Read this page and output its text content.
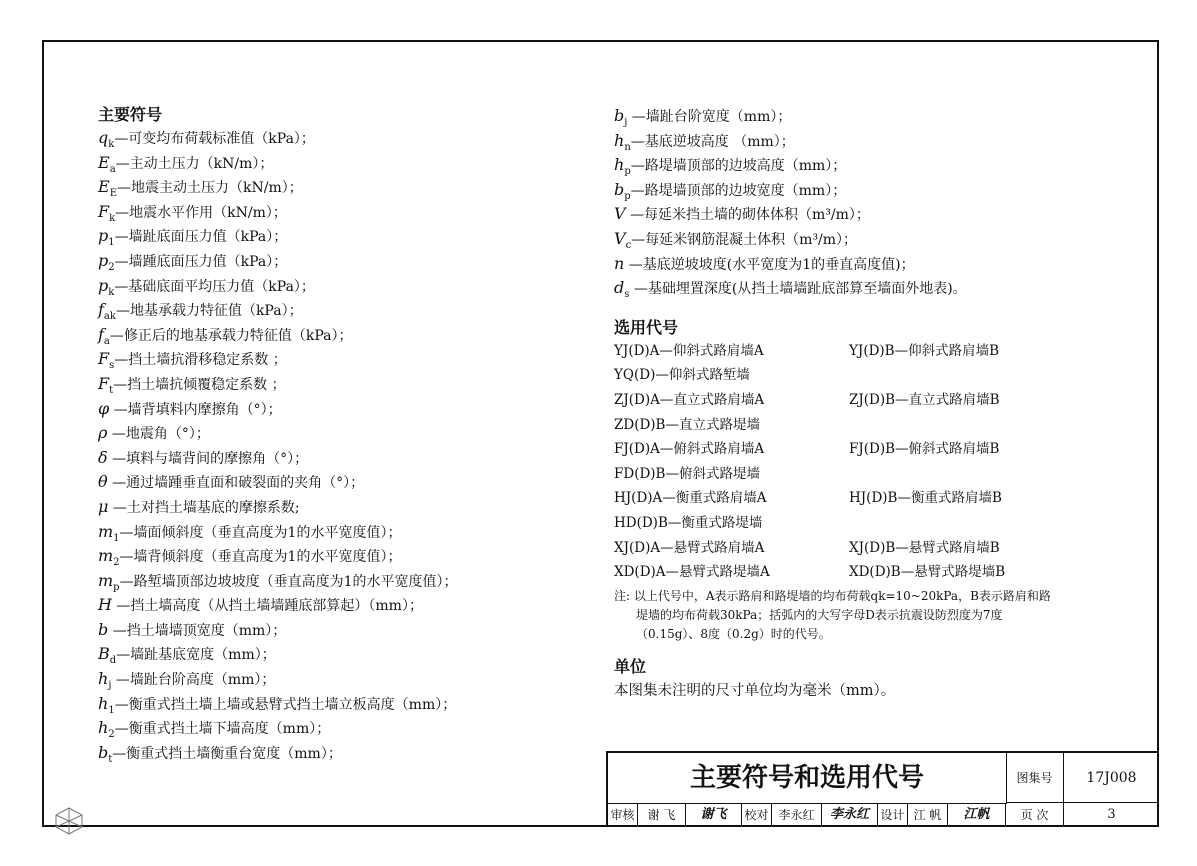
主要符号
$q_k—$可变均布荷载标准值（kPa）；
$E_a—$主动土压力（kN/m）；
$E_E—$地震主动土压力（kN/m）；
$F_k—$地震水平作用（kN/m）；
$p_1—$墙趾底面压力值（kPa）；
$p_2—$墙踵底面压力值（kPa）；
$p_k—$基础底面平均压力值（kPa）；
$f_{ak}—$地基承载力特征值（kPa）；
$f_a—$修正后的地基承载力特征值（kPa）；
$F_s—$挡土墙抗滑移稳定系数 ；
$F_t—$挡土墙抗倾覆稳定系数 ；
φ —墙背填料内摩擦角（°）；
ρ —地震角（°）；
δ —填料与墙背间的摩擦角（°）；
θ —通过墙踵垂直面和破裂面的夹角（°）；
μ —土对挡土墙基底的摩擦系数;
$m_1—$墙面倾斜度（垂直高度为1的水平宽度值）；
$m_2—$墙背倾斜度（垂直高度为1的水平宽度值）；
$m_p—$路堑墙顶部边坡坡度（垂直高度为1的水平宽度值）；
H —挡土墙高度（从挡土墙墙踵底部算起）（mm）；
b —挡土墙墙顶宽度（mm）；
$B_d—$墙趾基底宽度（mm）；
$h_j$ —墙趾台阶高度（mm）；
$h_1—$衡重式挡土墙上墙或悬臂式挡土墙立板高度（mm）；
$h_2—$衡重式挡土墙下墙高度（mm）；
$b_t—$衡重式挡土墙衡重台宽度（mm）；
$b_j$ —墙趾台阶宽度（mm）；
$h_n—$基底逆坡高度 （mm）；
$h_p—$路堤墙顶部的边坡高度（mm）；
$b_p—$路堤墙顶部的边坡宽度（mm）；
V —每延米挡土墙的砌体体积（m³/m）；
$V_c—$每延米钢筋混凝土体积（m³/m）；
n —基底逆坡坡度(水平宽度为1的垂直高度值)；
$d_s$ —基础埋置深度(从挡土墙墙趾底部算至墙面外地表)。
选用代号
YJ(D)A—仰斜式路肩墙A	YJ(D)B—仰斜式路肩墙B
YQ(D)—仰斜式路堑墙
ZJ(D)A—直立式路肩墙A	ZJ(D)B—直立式路肩墙B
ZD(D)B—直立式路堤墙
FJ(D)A—俯斜式路肩墙A	FJ(D)B—俯斜式路肩墙B
FD(D)B—俯斜式路堤墙
HJ(D)A—衡重式路肩墙A	HJ(D)B—衡重式路肩墙B
HD(D)B—衡重式路堤墙
XJ(D)A—悬臂式路肩墙A	XJ(D)B—悬臂式路肩墙B
XD(D)A—悬臂式路堤墙A	XD(D)B—悬臂式路堤墙B
注: 以上代号中，A表示路肩和路堤墙的均布荷载qk=10~20kPa，B表示路肩和路
堤墙的均布荷载30kPa；括弧内的大写字母D表示抗震设防烈度为7度
（0.15g）、8度（0.2g）时的代号。
单位
本图集未注明的尺寸单位均为毫米（mm）。
主要符号和选用代号	图集号	17J008
审核	谢 飞	谢飞	校对 李永红	李永红 设计 江 帆	江帆	页 次	3
